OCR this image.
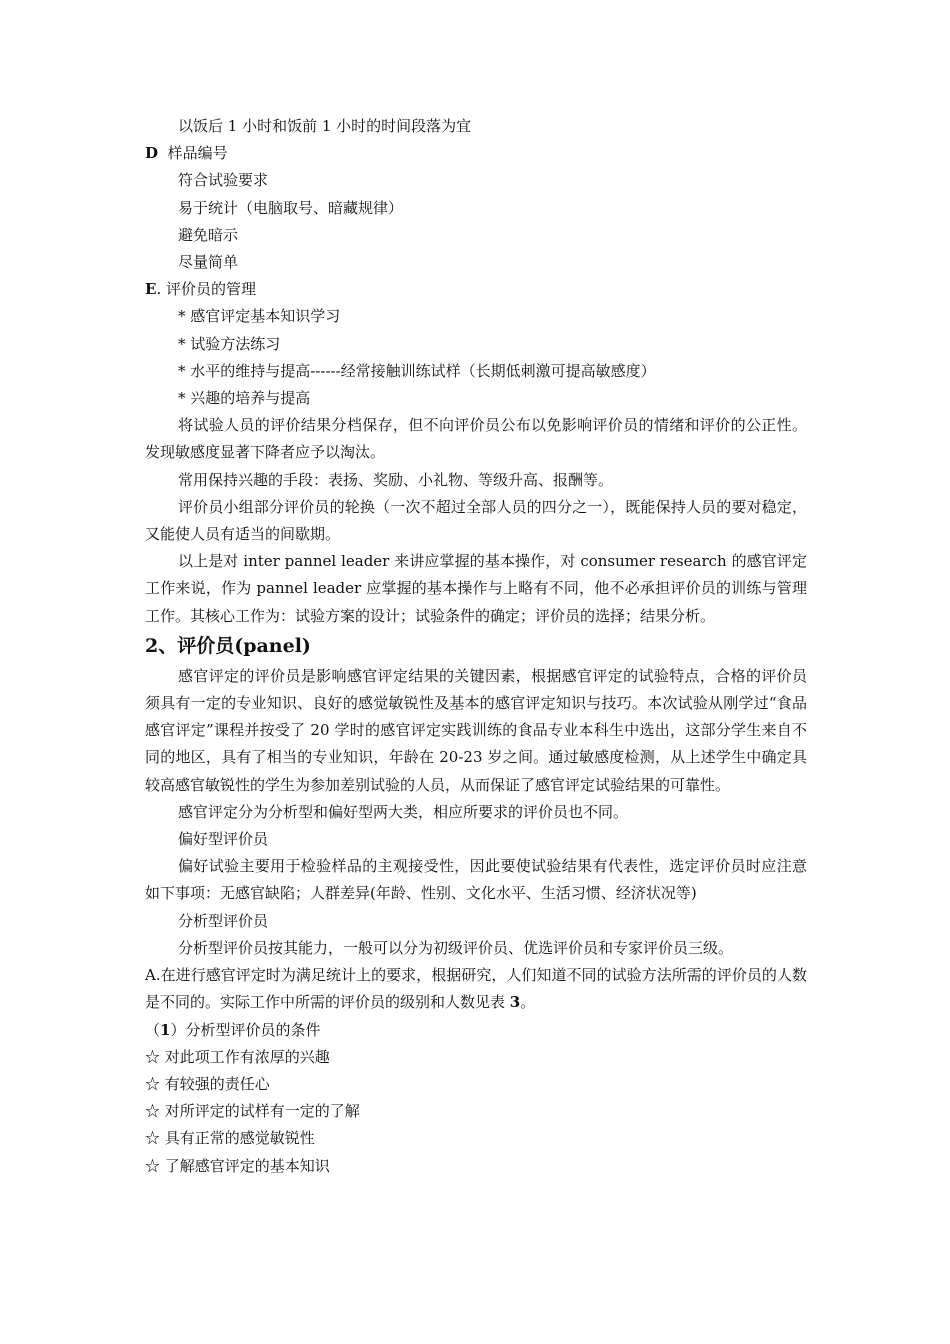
以饭后 1 小时和饭前 1 小时的时间段落为宜
D 样品编号
符合试验要求
易于统计（电脑取号、暗藏规律）
避免暗示
尽量简单
E. 评价员的管理
* 感官评定基本知识学习
* 试验方法练习
* 水平的维持与提高------经常接触训练试样（长期低刺激可提高敏感度）
* 兴趣的培养与提高

将试验人员的评价结果分档保存，但不向评价员公布以免影响评价员的情绪和评价的公正性。发现敏感度显著下降者应予以淘汰。

常用保持兴趣的手段：表扬、奖励、小礼物、等级升高、报酬等。

评价员小组部分评价员的轮换（一次不超过全部人员的四分之一），既能保持人员的要对稳定，又能使人员有适当的间歇期。

以上是对 inter pannel leader 来讲应掌握的基本操作，对 consumer research 的感官评定工作来说，作为 pannel leader 应掌握的基本操作与上略有不同，他不必承担评价员的训练与管理工作。其核心工作为：试验方案的设计；试验条件的确定；评价员的选择；结果分析。

2、评价员(panel)

感官评定的评价员是影响感官评定结果的关键因素，根据感官评定的试验特点，合格的评价员须具有一定的专业知识、良好的感觉敏锐性及基本的感官评定知识与技巧。本次试验从刚学过“食品感官评定”课程并按受了 20 学时的感官评定实践训练的食品专业本科生中选出，这部分学生来自不同的地区，具有了相当的专业知识，年龄在 20-23 岁之间。通过敏感度检测，从上述学生中确定具较高感官敏锐性的学生为参加差别试验的人员，从而保证了感官评定试验结果的可靠性。

感官评定分为分析型和偏好型两大类，相应所要求的评价员也不同。

偏好型评价员

偏好试验主要用于检验样品的主观接受性，因此要使试验结果有代表性，选定评价员时应注意如下事项：无感官缺陷；人群差异(年龄、性别、文化水平、生活习惯、经济状况等)

分析型评价员

分析型评价员按其能力，一般可以分为初级评价员、优选评价员和专家评价员三级。

A.在进行感官评定时为满足统计上的要求，根据研究，人们知道不同的试验方法所需的评价员的人数是不同的。实际工作中所需的评价员的级别和人数见表 3。

（1）分析型评价员的条件
☆ 对此项工作有浓厚的兴趣
☆ 有较强的责任心
☆ 对所评定的试样有一定的了解
☆ 具有正常的感觉敏锐性
☆ 了解感官评定的基本知识
